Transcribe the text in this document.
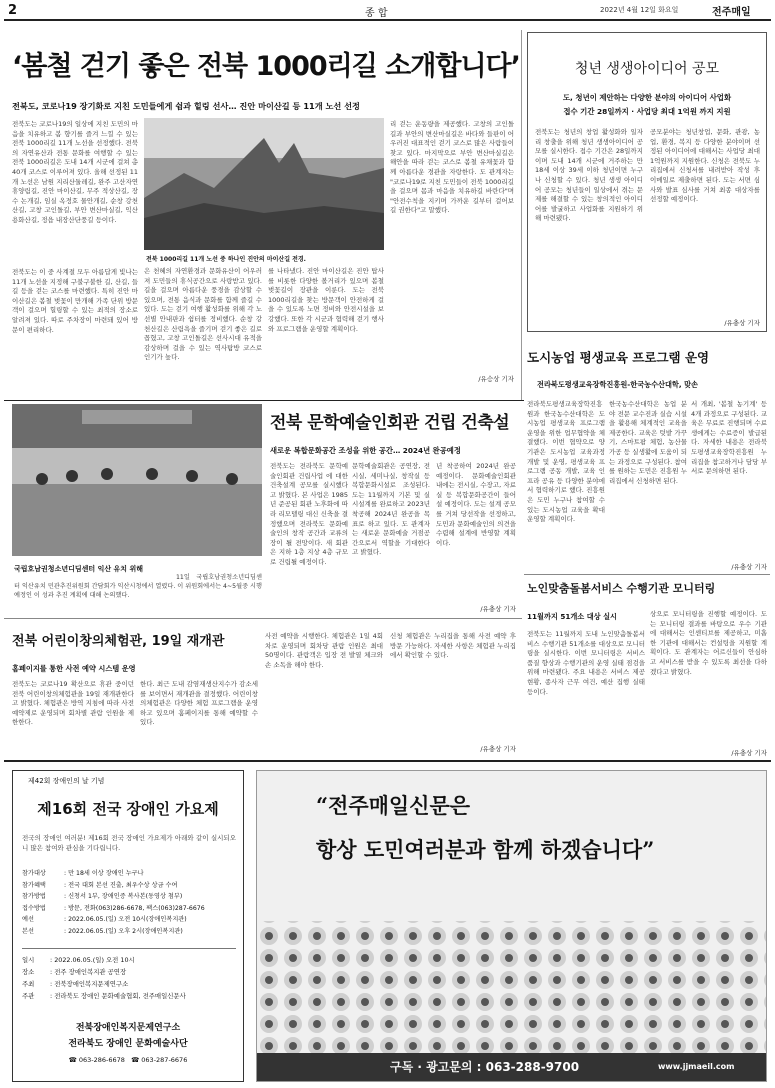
2	종 합	2022년 4월 12일 화요일	전주매일
‘봄철 걷기 좋은 전북 1000리길 소개합니다’
전북도, 코로나19 장기화로 지친 도민들에게 쉼과 힐링 선사… 진안 마이산길 등 11개 노선 선정
전북도는 코로나19의 일상에 지친 도민의 마음을 치유하고 봄 향기를 즐겨 느낄 수 있는 전북 1000리길 11개 노선을 선정했다. 전북의 자연유산과 전통 문화를 여행할 수 있는 전북 1000리길은 도내 14개 시군에 걸쳐 총 40개 코스로 이루어져 있다. 올해 선정된 11개 노선은 남원 지리산둘레길, 완주 고산자연휴양림길, 진안 마이산길, 무주 적상산길, 장수 논개길, 임실 옥정호 물안개길, 순창 강천산길, 고창 고인돌길, 부안 변산마실길, 익산 용화산길, 정읍 내장산단풍길 등이다.
전북도는 이 중 사계절 모두 아름답게 빛나는 11개 노선을 지정해 구불구불한 길, 산길, 들길 등을 걷는 코스를 마련했다. 특히 진안 마이산길은 봄철 벚꽃이 만개해 가족 단위 방문객이 걸으며 힐링할 수 있는 최적의 장소로 알려져 있다. 따로 주차장이 마련돼 있어 방문이 편리하다.
전북 1000리길 11개 노선 중 하나인 진안의 마이산길 전경.
은 천혜의 자연환경과 문화유산이 어우러져 도민들의 휴식공간으로 사랑받고 있다. 길을 걸으며 아름다운 풍경을 감상할 수 있으며, 전통 음식과 문화를 함께 즐길 수 있다. 도는 걷기 여행 활성화를 위해 각 노선별 안내판과 쉼터를 정비했다. 순창 강천산길은 산림욕을 즐기며 걷기 좋은 길로 꼽혔고, 고창 고인돌길은 선사시대 유적을 감상하며 걸을 수 있는 역사탐방 코스로 인기가 높다.
를 나타냈다. 진안 마이산길은 진안 탑사를 비롯한 다양한 볼거리가 있으며 봄철 벚꽃길이 장관을 이룬다. 도는 전북 1000리길을 찾는 방문객이 안전하게 걸을 수 있도록 노면 정비와 안전시설을 보강했다. 또한 각 시군과 협력해 걷기 행사와 프로그램을 운영할 계획이다.
리 걷는 운동량을 제공했다. 고창의 고인돌길과 부안의 변산마실길은 바다와 들판이 어우러진 대표적인 걷기 코스로 많은 사람들이 찾고 있다. 마지막으로 부안 변산마실길은 해안을 따라 걷는 코스로 봄철 유채꽃과 함께 아름다운 경관을 자랑한다. 도 관계자는 "코로나19로 지친 도민들이 전북 1000리길을 걸으며 몸과 마음을 치유하길 바란다"며 "안전수칙을 지키며 가까운 길부터 걸어보길 권한다"고 말했다.
/유승상 기자
청년 생생아이디어 공모
도, 청년이 제안하는 다양한 분야의 아이디어 사업화
접수 기간 28일까지 · 사업당 최대 1억원 까지 지원
전북도는 청년의 창업 활성화와 일자리 창출을 위해 청년 생생아이디어 공모를 실시한다. 접수 기간은 28일까지이며 도내 14개 시군에 거주하는 만 18세 이상 39세 이하 청년이면 누구나 신청할 수 있다. 청년 생생 아이디어 공모는 청년들이 일상에서 겪는 문제를 해결할 수 있는 창의적인 아이디어를 발굴하고 사업화를 지원하기 위해 마련됐다.
공모분야는 청년창업, 문화, 관광, 농업, 환경, 복지 등 다양한 분야이며 선정된 아이디어에 대해서는 사업당 최대 1억원까지 지원한다. 신청은 전북도 누리집에서 신청서를 내려받아 작성 후 이메일로 제출하면 된다. 도는 서면 심사와 발표 심사를 거쳐 최종 대상자를 선정할 예정이다.
/유충상 기자
도시농업 평생교육 프로그램 운영
전라북도평생교육장학진흥원-한국농수산대학, 맞손
전라북도평생교육장학진흥원과 한국농수산대학은 도시농업 평생교육 프로그램 운영을 위한 업무협약을 체결했다. 이번 협약으로 양 기관은 도시농업 교육과정 개발 및 운영, 평생교육 프로그램 공동 개발, 교육 인프라 공유 등 다양한 분야에서 협력하기로 했다. 진흥원은 도민 누구나 참여할 수 있는 도시농업 교육을 확대 운영할 계획이다.
한국농수산대학은 농업 분야 전문 교수진과 실습 시설을 활용해 체계적인 교육을 제공한다. 교육은 텃밭 가꾸기, 스마트팜 체험, 농산물 가공 등 실생활에 도움이 되는 과정으로 구성된다. 참여를 원하는 도민은 진흥원 누리집에서 신청하면 된다.
서 개최, '봄철 농기계' 등 4개 과정으로 구성된다. 교육은 무료로 진행되며 수료생에게는 수료증이 발급된다. 자세한 내용은 전라북도평생교육장학진흥원 누리집을 참고하거나 담당 부서로 문의하면 된다.
/유충상 기자
국립호남권청소년디딤센터 익산 유치 위해
11일 국립호남권청소년디딤센터 익산유치 민관추진위원회 간담회가 익산시청에서 열렸다. 이 위원회에서는 4~5월중 시행예정인 이 성과 추진 계획에 대해 논의했다.
전북 문학예술인회관 건립 건축설
새로운 복합문화공간 조성을 위한 공간… 2024년 완공예정
전북도는 전라북도 문학예술인회관 건립사업 에 대한 건축설계 공모를 실시했다고 밝혔다. 본 사업은 1985년 준공된 회관 노후화에 따라 리모델링 대신 신축을 결정했으며 전라북도 문화예술인의 창작 공간과 교류의 장이 될 전망이다. 새 회관은 지하 1층 지상 4층 규모로 건립될 예정이다.
문학예술회관은 공연장, 전시실, 세미나실, 창작실 등 복합문화시설로 조성된다. 도는 11월까지 기본 및 실시설계를 완료하고 2023년 착공해 2024년 완공을 목표로 하고 있다. 도 관계자는 새로운 문화예술 거점공간으로서 역할을 기대한다고 밝혔다.
년 착공하여 2024년 완공 예정이다. 문화예술인회관 내에는 전시실, 수장고, 자료실 등 복합문화공간이 들어설 예정이다. 도는 설계 공모를 거쳐 당선작을 선정하고, 도민과 문화예술인의 의견을 수렴해 설계에 반영할 계획이다.
/유충상 기자
노인맞춤돌봄서비스 수행기관 모니터링
11월까지 51개소 대상 실시
전북도는 11월까지 도내 노인맞춤돌봄서비스 수행기관 51개소를 대상으로 모니터링을 실시한다. 이번 모니터링은 서비스 품질 향상과 수행기관의 운영 실태 점검을 위해 마련됐다. 주요 내용은 서비스 제공 현황, 종사자 근무 여건, 예산 집행 실태 등이다.
상으로 모니터링을 진행할 예정이다. 도는 모니터링 결과를 바탕으로 우수 기관에 대해서는 인센티브를 제공하고, 미흡한 기관에 대해서는 컨설팅을 지원할 계획이다. 도 관계자는 어르신들이 안심하고 서비스를 받을 수 있도록 최선을 다하겠다고 밝혔다.
/유충상 기자
전북 어린이창의체험관, 19일 재개관
홈페이지를 통한 사전 예약 시스템 운영
전북도는 코로나19 확산으로 휴관 중이던 전북 어린이창의체험관을 19일 재개관한다고 밝혔다. 체험관은 방역 지침에 따라 사전 예약제로 운영되며 회차별 관람 인원을 제한한다.
한다. 최근 도내 감염재생산지수가 감소세를 보이면서 재개관을 결정했다. 어린이창의체험관은 다양한 체험 프로그램을 운영하고 있으며 홈페이지를 통해 예약할 수 있다.
사전 예약을 시행한다. 체험관은 1일 4회차로 운영되며 회차당 관람 인원은 최대 50명이다. 관람객은 입장 전 발열 체크와 손 소독을 해야 한다.
신청 체험관은 누리집을 통해 사전 예약 후 방문 가능하다. 자세한 사항은 체험관 누리집에서 확인할 수 있다.
/유충상 기자
제42회 장애인의 날 기념
제16회 전국 장애인 가요제
전국의 장애인 여러분! 제16회 전국 장애인 가요제가 아래와 같이 실시되오니 많은 참여와 관심을 기다립니다.
참가대상	: 만 18세 이상 장애인 누구나
참가혜택	: 전국 대회 본선 진출, 최우수상 상금 수여
참가방법	: 신청서 1부, 장애인증 복사본(동영상 첨부)
접수방법	: 방문, 전화(063)286-6678, 팩스(063)287-6676
예선	: 2022.06.05.(일) 오전 10시(장애인복지관)
본선	: 2022.06.05.(일) 오후 2시(장애인복지관)
일시 : 2022.06.05.(일) 오전 10시
장소 : 전주 장애인복지관 공연장
주최 : 전북장애인복지문제연구소
주관 : 전라북도 장애인 문화예술협회, 전주매일신문사
전북장애인복지문제연구소
전라북도 장애인 문화예술사단
☎ 063-286-6678 ☎ 063-287-6676
“전주매일신문은
항상 도민여러분과 함께 하겠습니다”
구독 · 광고문의 : 063-288-9700	www.jjmaeil.com
